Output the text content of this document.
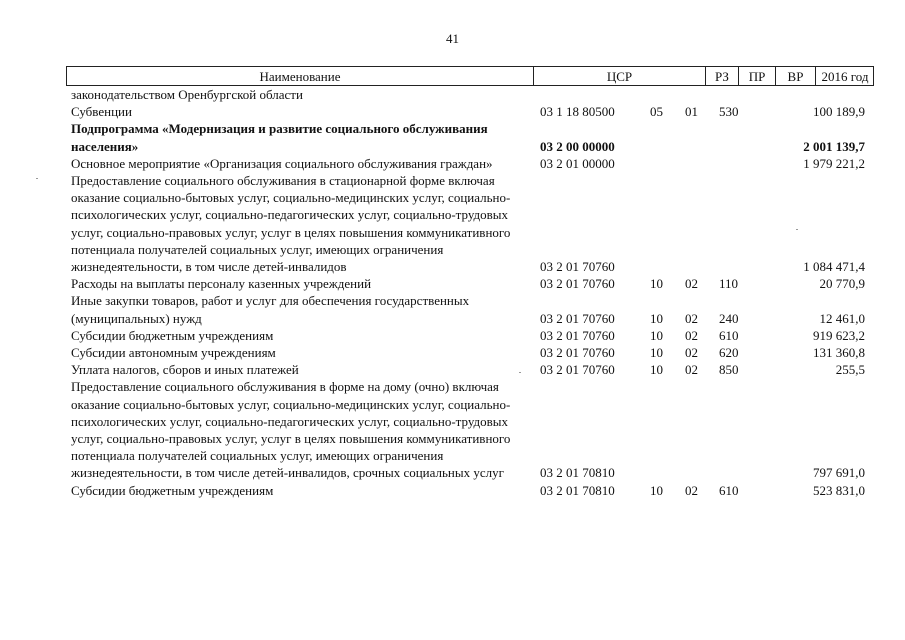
41
Наименование	ЦСР	РЗ	ПР	ВР	2016 год
законодательством Оренбургской области
Субвенции	03 1 18 80500	05 01 530	100 189,9
Подпрограмма «Модернизация и развитие социального обслуживания населения»	03 2 00 00000	2 001 139,7
Основное мероприятие «Организация социального обслуживания граждан»	03 2 01 00000	1 979 221,2
Предоставление социального обслуживания в стационарной форме включая оказание социально-бытовых услуг, социально-медицинских услуг, социально-психологических услуг, социально-педагогических услуг, социально-трудовых услуг, социально-правовых услуг, услуг в целях повышения коммуникативного потенциала получателей социальных услуг, имеющих ограничения жизнедеятельности, в том числе детей-инвалидов	03 2 01 70760	1 084 471,4
Расходы на выплаты персоналу казенных учреждений	03 2 01 70760	10 02 110	20 770,9
Иные закупки товаров, работ и услуг для обеспечения государственных (муниципальных) нужд	03 2 01 70760	10 02 240	12 461,0
Субсидии бюджетным учреждениям	03 2 01 70760	10 02 610	919 623,2
Субсидии автономным учреждениям	03 2 01 70760	10 02 620	131 360,8
Уплата налогов, сборов и иных платежей	03 2 01 70760	10 02 850	255,5
Предоставление социального обслуживания в форме на дому (очно) включая оказание социально-бытовых услуг, социально-медицинских услуг, социально-психологических услуг, социально-педагогических услуг, социально-трудовых услуг, социально-правовых услуг, услуг в целях повышения коммуникативного потенциала получателей социальных услуг, имеющих ограничения жизнедеятельности, в том числе детей-инвалидов, срочных социальных услуг	03 2 01 70810	797 691,0
Субсидии бюджетным учреждениям	03 2 01 70810	10 02 610	523 831,0
